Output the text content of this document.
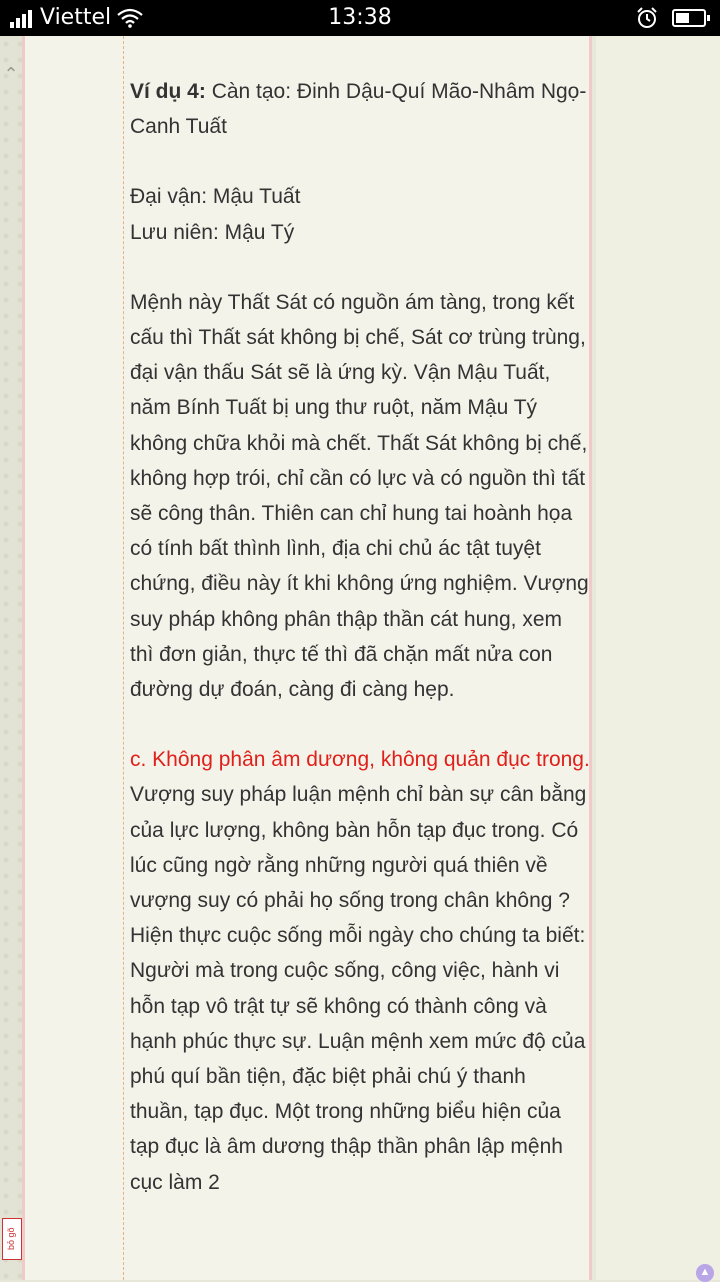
Viettel	13:38
⌃

Ví dụ 4: Càn tạo: Đinh Dậu-Quí Mão-Nhâm Ngọ-Canh Tuất

Đại vận: Mậu Tuất

Lưu niên: Mậu Tý

Mệnh này Thất Sát có nguồn ám tàng, trong kết cấu thì Thất sát không bị chế, Sát cơ trùng trùng, đại vận thấu Sát sẽ là ứng kỳ. Vận Mậu Tuất, năm Bính Tuất bị ung thư ruột, năm Mậu Tý không chữa khỏi mà chết. Thất Sát không bị chế, không hợp trói, chỉ cần có lực và có nguồn thì tất sẽ công thân. Thiên can chỉ hung tai hoành họa có tính bất thình lình, địa chi chủ ác tật tuyệt chứng, điều này ít khi không ứng nghiệm. Vượng suy pháp không phân thập thần cát hung, xem thì đơn giản, thực tế thì đã chặn mất nửa con đường dự đoán, càng đi càng hẹp.

c. Không phân âm dương, không quản đục trong.

Vượng suy pháp luận mệnh chỉ bàn sự cân bằng của lực lượng, không bàn hỗn tạp đục trong. Có lúc cũng ngờ rằng những người quá thiên về vượng suy có phải họ sống trong chân không ? Hiện thực cuộc sống mỗi ngày cho chúng ta biết: Người mà trong cuộc sống, công việc, hành vi hỗn tạp vô trật tự sẽ không có thành công và hạnh phúc thực sự. Luận mệnh xem mức độ của phú quí bần tiện, đặc biệt phải chú ý thanh thuần, tạp đục. Một trong những biểu hiện của tạp đục là âm dương thập thần phân lập mệnh cục làm 2

bỏ gõ
▲
